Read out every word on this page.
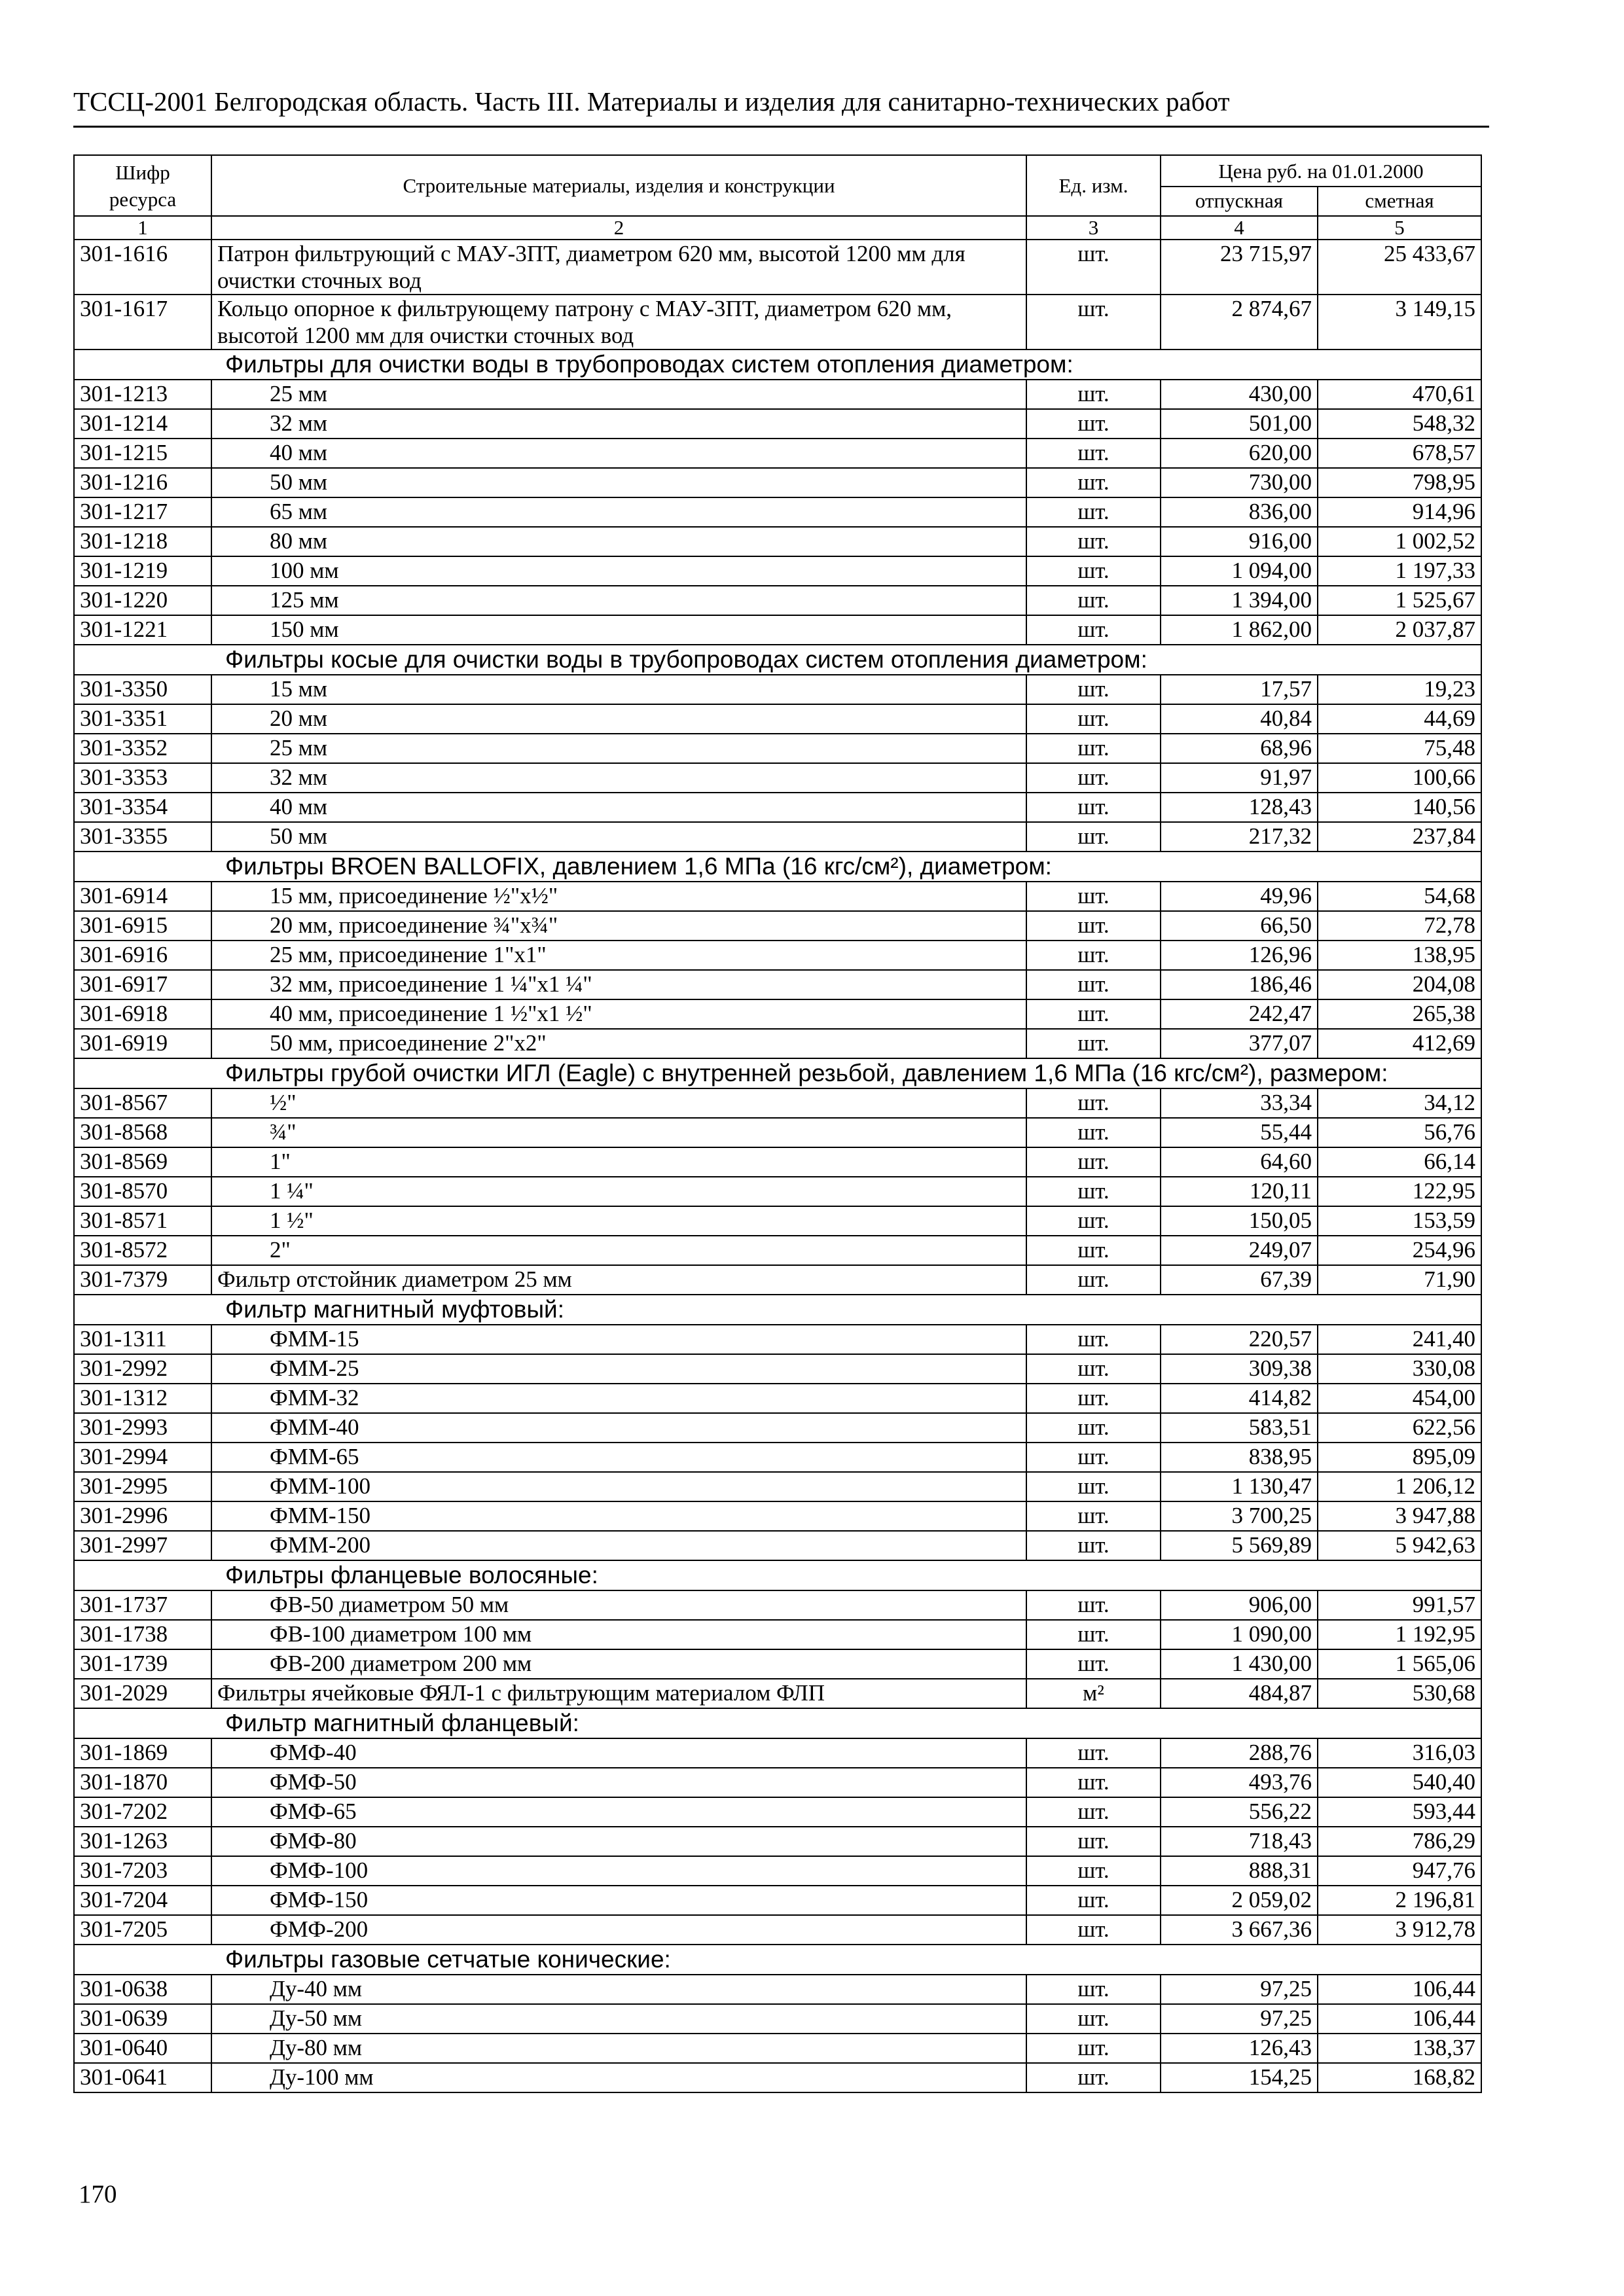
ТССЦ-2001 Белгородская область. Часть III. Материалы и изделия для санитарно-технических работ
Шифр ресурса	Строительные материалы, изделия и конструкции	Ед. изм.	Цена руб. на 01.01.2000	
			отпускная	сметная
1	2	3	4	5
301-1616	Патрон фильтрующий с МАУ-3ПТ, диаметром 620 мм, высотой 1200 мм для очистки сточных вод	шт.	23 715,97	25 433,67
301-1617	Кольцо опорное к фильтрующему патрону с МАУ-3ПТ, диаметром 620 мм, высотой 1200 мм для очистки сточных вод	шт.	2 874,67	3 149,15
Фильтры для очистки воды в трубопроводах систем отопления диаметром:				
301-1213	25 мм	шт.	430,00	470,61
301-1214	32 мм	шт.	501,00	548,32
301-1215	40 мм	шт.	620,00	678,57
301-1216	50 мм	шт.	730,00	798,95
301-1217	65 мм	шт.	836,00	914,96
301-1218	80 мм	шт.	916,00	1 002,52
301-1219	100 мм	шт.	1 094,00	1 197,33
301-1220	125 мм	шт.	1 394,00	1 525,67
301-1221	150 мм	шт.	1 862,00	2 037,87
Фильтры косые для очистки воды в трубопроводах систем отопления диаметром:				
301-3350	15 мм	шт.	17,57	19,23
301-3351	20 мм	шт.	40,84	44,69
301-3352	25 мм	шт.	68,96	75,48
301-3353	32 мм	шт.	91,97	100,66
301-3354	40 мм	шт.	128,43	140,56
301-3355	50 мм	шт.	217,32	237,84
Фильтры BROEN BALLOFIX, давлением 1,6 МПа (16 кгс/см²), диаметром:				
301-6914	15 мм, присоединение ½"х½"	шт.	49,96	54,68
301-6915	20 мм, присоединение ¾"х¾"	шт.	66,50	72,78
301-6916	25 мм, присоединение 1"х1"	шт.	126,96	138,95
301-6917	32 мм, присоединение 1 ¼"х1 ¼"	шт.	186,46	204,08
301-6918	40 мм, присоединение 1 ½"х1 ½"	шт.	242,47	265,38
301-6919	50 мм, присоединение 2"х2"	шт.	377,07	412,69
Фильтры грубой очистки ИГЛ (Eagle) с внутренней резьбой, давлением 1,6 МПа (16 кгс/см²), размером:				
301-8567	½"	шт.	33,34	34,12
301-8568	¾"	шт.	55,44	56,76
301-8569	1"	шт.	64,60	66,14
301-8570	1 ¼"	шт.	120,11	122,95
301-8571	1 ½"	шт.	150,05	153,59
301-8572	2"	шт.	249,07	254,96
301-7379	Фильтр отстойник диаметром 25 мм	шт.	67,39	71,90
Фильтр магнитный муфтовый:				
301-1311	ФММ-15	шт.	220,57	241,40
301-2992	ФММ-25	шт.	309,38	330,08
301-1312	ФММ-32	шт.	414,82	454,00
301-2993	ФММ-40	шт.	583,51	622,56
301-2994	ФММ-65	шт.	838,95	895,09
301-2995	ФММ-100	шт.	1 130,47	1 206,12
301-2996	ФММ-150	шт.	3 700,25	3 947,88
301-2997	ФММ-200	шт.	5 569,89	5 942,63
Фильтры фланцевые волосяные:				
301-1737	ФВ-50 диаметром 50 мм	шт.	906,00	991,57
301-1738	ФВ-100 диаметром 100 мм	шт.	1 090,00	1 192,95
301-1739	ФВ-200 диаметром 200 мм	шт.	1 430,00	1 565,06
301-2029	Фильтры ячейковые ФЯЛ-1 с фильтрующим материалом ФЛП	м²	484,87	530,68
Фильтр магнитный фланцевый:				
301-1869	ФМФ-40	шт.	288,76	316,03
301-1870	ФМФ-50	шт.	493,76	540,40
301-7202	ФМФ-65	шт.	556,22	593,44
301-1263	ФМФ-80	шт.	718,43	786,29
301-7203	ФМФ-100	шт.	888,31	947,76
301-7204	ФМФ-150	шт.	2 059,02	2 196,81
301-7205	ФМФ-200	шт.	3 667,36	3 912,78
Фильтры газовые сетчатые конические:				
301-0638	Ду-40 мм	шт.	97,25	106,44
301-0639	Ду-50 мм	шт.	97,25	106,44
301-0640	Ду-80 мм	шт.	126,43	138,37
301-0641	Ду-100 мм	шт.	154,25	168,82
170
